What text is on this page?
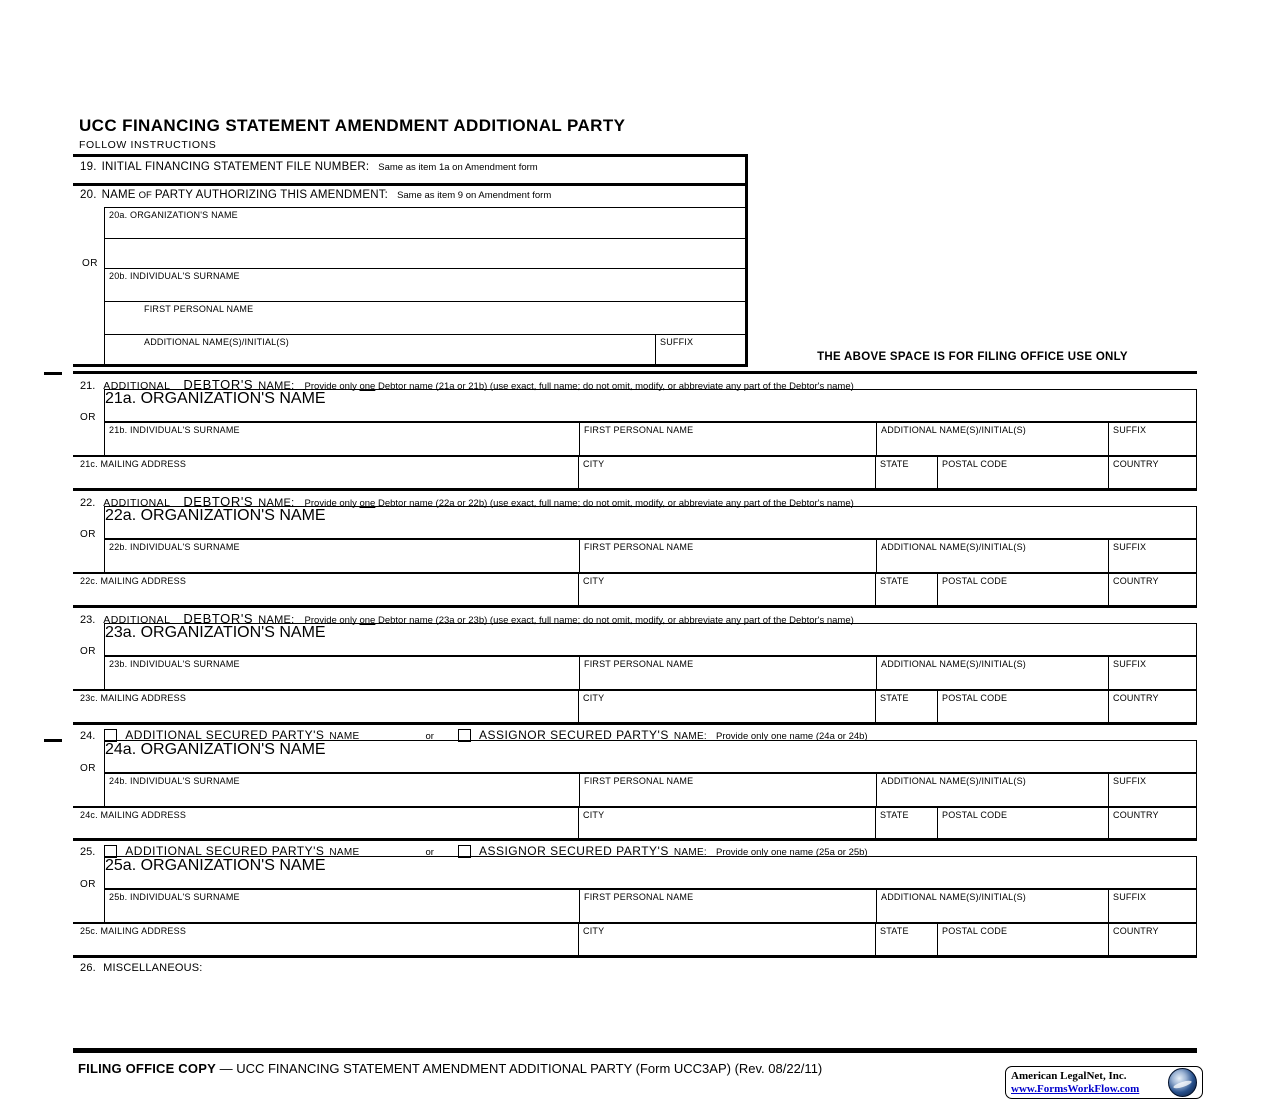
UCC FINANCING STATEMENT AMENDMENT ADDITIONAL PARTY
FOLLOW INSTRUCTIONS
19. INITIAL FINANCING STATEMENT FILE NUMBER: Same as item 1a on Amendment form
20. NAME OF PARTY AUTHORIZING THIS AMENDMENT: Same as item 9 on Amendment form
20a. ORGANIZATION'S NAME
OR
20b. INDIVIDUAL'S SURNAME
FIRST PERSONAL NAME
ADDITIONAL NAME(S)/INITIAL(S)	SUFFIX
THE ABOVE SPACE IS FOR FILING OFFICE USE ONLY
21. ADDITIONAL DEBTOR'S NAME: Provide only one Debtor name (21a or 21b) (use exact, full name; do not omit, modify, or abbreviate any part of the Debtor's name)
21a. ORGANIZATION'S NAME
OR
21b. INDIVIDUAL'S SURNAME	FIRST PERSONAL NAME	ADDITIONAL NAME(S)/INITIAL(S)	SUFFIX
21c. MAILING ADDRESS	CITY	STATE	POSTAL CODE	COUNTRY
22. ADDITIONAL DEBTOR'S NAME: Provide only one Debtor name (22a or 22b) (use exact, full name; do not omit, modify, or abbreviate any part of the Debtor's name)
22a. ORGANIZATION'S NAME
OR
22b. INDIVIDUAL'S SURNAME	FIRST PERSONAL NAME	ADDITIONAL NAME(S)/INITIAL(S)	SUFFIX
22c. MAILING ADDRESS	CITY	STATE	POSTAL CODE	COUNTRY
23. ADDITIONAL DEBTOR'S NAME: Provide only one Debtor name (23a or 23b) (use exact, full name; do not omit, modify, or abbreviate any part of the Debtor's name)
23a. ORGANIZATION'S NAME
OR
23b. INDIVIDUAL'S SURNAME	FIRST PERSONAL NAME	ADDITIONAL NAME(S)/INITIAL(S)	SUFFIX
23c. MAILING ADDRESS	CITY	STATE	POSTAL CODE	COUNTRY
24.	ADDITIONAL SECURED PARTY'S NAME	or	ASSIGNOR SECURED PARTY'S NAME: Provide only one name (24a or 24b)
24a. ORGANIZATION'S NAME
OR
24b. INDIVIDUAL'S SURNAME	FIRST PERSONAL NAME	ADDITIONAL NAME(S)/INITIAL(S)	SUFFIX
24c. MAILING ADDRESS	CITY	STATE	POSTAL CODE	COUNTRY
25.	ADDITIONAL SECURED PARTY'S NAME	or	ASSIGNOR SECURED PARTY'S NAME: Provide only one name (25a or 25b)
25a. ORGANIZATION'S NAME
OR
25b. INDIVIDUAL'S SURNAME	FIRST PERSONAL NAME	ADDITIONAL NAME(S)/INITIAL(S)	SUFFIX
25c. MAILING ADDRESS	CITY	STATE	POSTAL CODE	COUNTRY
26. MISCELLANEOUS:
FILING OFFICE COPY — UCC FINANCING STATEMENT AMENDMENT ADDITIONAL PARTY (Form UCC3AP) (Rev. 08/22/11)	American LegalNet, Inc.
www.FormsWorkFlow.com
